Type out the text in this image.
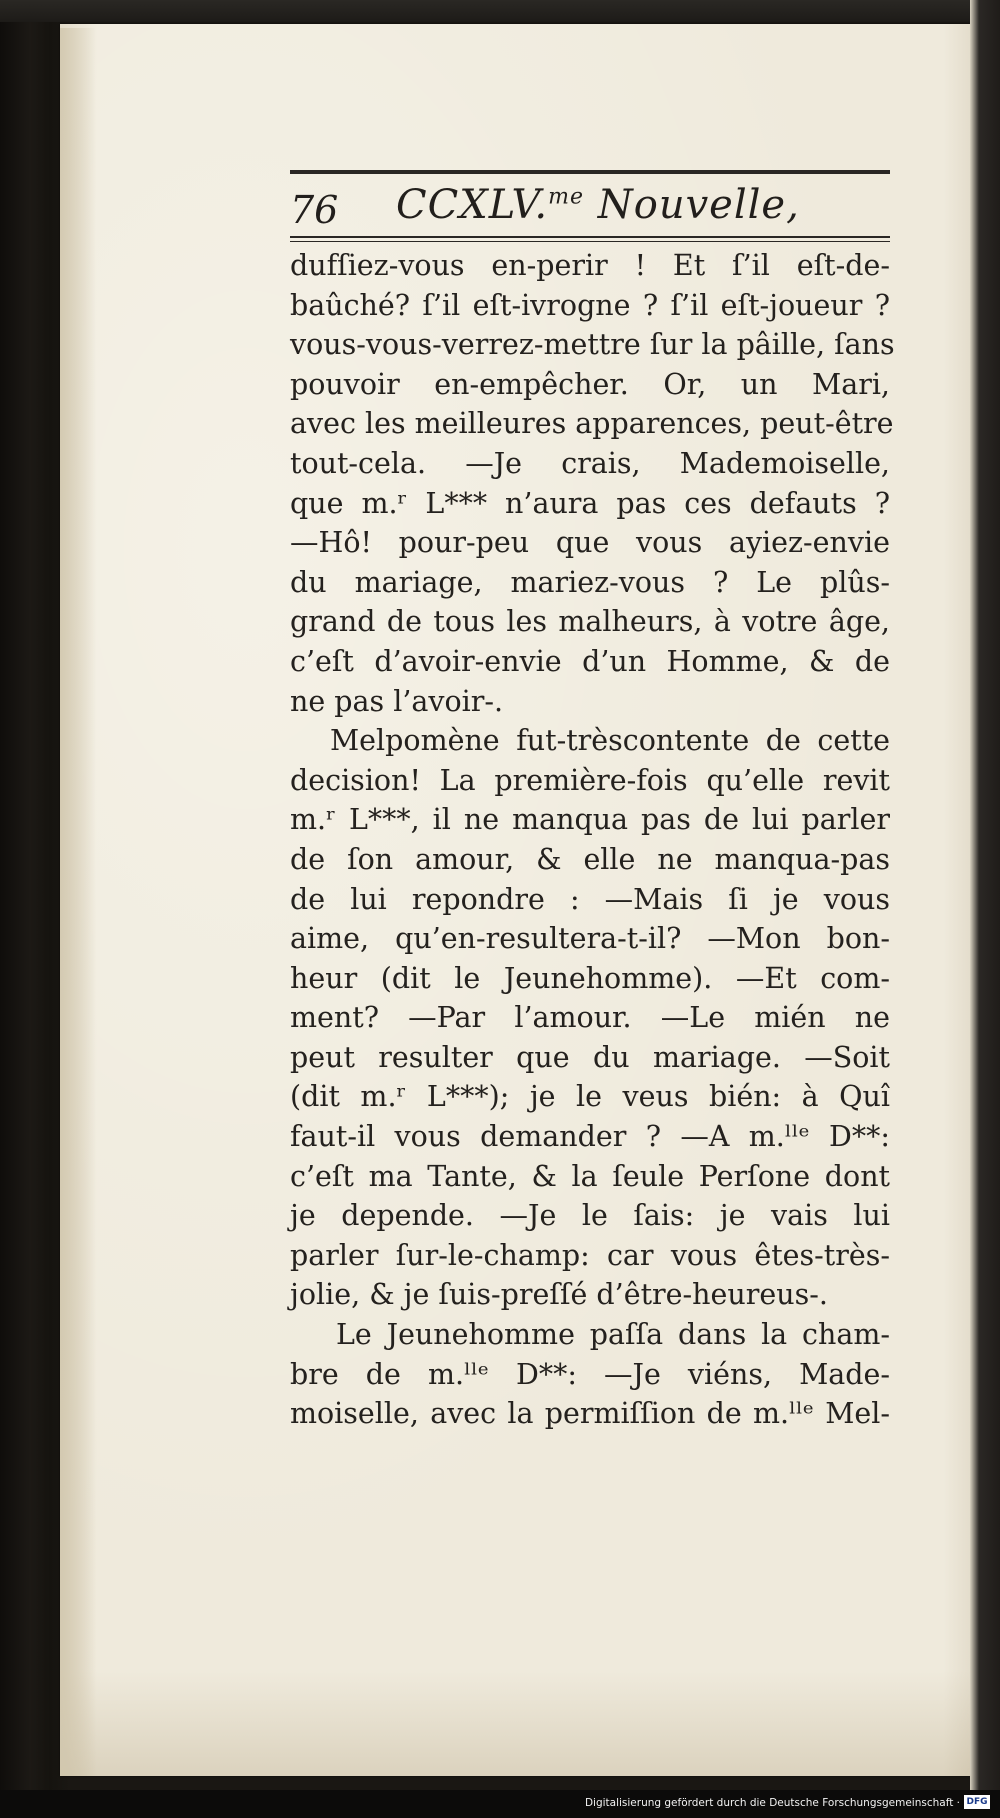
76 CCXLV.$^{me}$ Nouvelle,
dufſiez-vous en-perir ! Et ſ’il eſt-de-
baûché? ſ’il eſt-ivrogne ? ſ’il eſt-joueur ?
vous-vous-verrez-mettre ſur la pâille, ſans
pouvoir en-empêcher. Or, un Mari,
avec les meilleures apparences, peut-être
tout-cela. —Je crais, Mademoiselle,
que m.ʳ L*** n’aura pas ces defauts ?
—Hô! pour-peu que vous ayiez-envie
du mariage, mariez-vous ? Le plûs-
grand de tous les malheurs, à votre âge,
c’eſt d’avoir-envie d’un Homme, & de
ne pas l’avoir-.
Melpomène fut-trèscontente de cette
decision! La première-fois qu’elle revit
m.ʳ L***, il ne manqua pas de lui parler
de ſon amour, & elle ne manqua-pas
de lui repondre : —Mais ſi je vous
aime, qu’en-resultera-t-il? —Mon bon-
heur (dit le Jeunehomme). —Et com-
ment? —Par l’amour. —Le mién ne
peut resulter que du mariage. —Soit
(dit m.ʳ L***); je le veus bién: à Quî
faut-il vous demander ? —A m.ˡˡᵉ D**:
c’eſt ma Tante, & la ſeule Perſone dont
je depende. —Je le ſais: je vais lui
parler ſur-le-champ: car vous êtes-très-
jolie, & je ſuis-preſſé d’être-heureus-.
Le Jeunehomme paſſa dans la cham-
bre de m.ˡˡᵉ D**: —Je viéns, Made-
moiselle, avec la permiſſion de m.ˡˡᵉ Mel-
Digitalisierung gefördert durch die Deutsche Forschungsgemeinschaft · DFG
